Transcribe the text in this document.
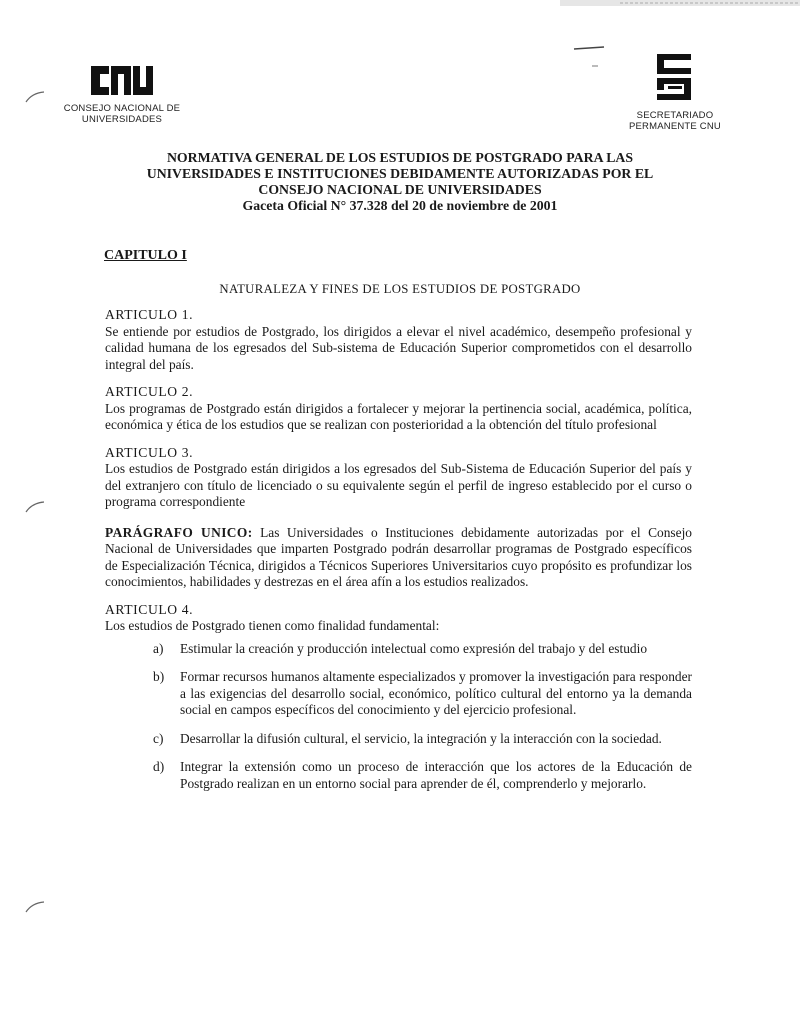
CONSEJO NACIONAL DE
UNIVERSIDADES	SECRETARIADO
PERMANENTE CNU
NORMATIVA GENERAL DE LOS ESTUDIOS DE POSTGRADO PARA LAS
UNIVERSIDADES E INSTITUCIONES DEBIDAMENTE AUTORIZADAS POR EL
CONSEJO NACIONAL DE UNIVERSIDADES
Gaceta Oficial N° 37.328 del 20 de noviembre de 2001
CAPITULO I
NATURALEZA Y FINES DE LOS ESTUDIOS DE POSTGRADO
ARTICULO 1.
Se entiende por estudios de Postgrado, los dirigidos a elevar el nivel académico, desempeño profesional y calidad humana de los egresados del Sub-sistema de Educación Superior comprometidos con el desarrollo integral del país.
ARTICULO 2.
Los programas de Postgrado están dirigidos a fortalecer y mejorar la pertinencia social, académica, política, económica y ética de los estudios que se realizan con posterioridad a la obtención del título profesional
ARTICULO 3.
Los estudios de Postgrado están dirigidos a los egresados del Sub-Sistema de Educación Superior del país y del extranjero con título de licenciado o su equivalente según el perfil de ingreso establecido por el curso o programa correspondiente
PARÁGRAFO UNICO: Las Universidades o Instituciones debidamente autorizadas por el Consejo Nacional de Universidades que imparten Postgrado podrán desarrollar programas de Postgrado específicos de Especialización Técnica, dirigidos a Técnicos Superiores Universitarios cuyo propósito es profundizar los conocimientos, habilidades y destrezas en el área afín a los estudios realizados.
ARTICULO 4.
Los estudios de Postgrado tienen como finalidad fundamental:
a)	Estimular la creación y producción intelectual como expresión del trabajo y del estudio
b)	Formar recursos humanos altamente especializados y promover la investigación para responder a las exigencias del desarrollo social, económico, político cultural del entorno ya la demanda social en campos específicos del conocimiento y del ejercicio profesional.
c)	Desarrollar la difusión cultural, el servicio, la integración y la interacción con la sociedad.
d)	Integrar la extensión como un proceso de interacción que los actores de la Educación de Postgrado realizan en un entorno social para aprender de él, comprenderlo y mejorarlo.
